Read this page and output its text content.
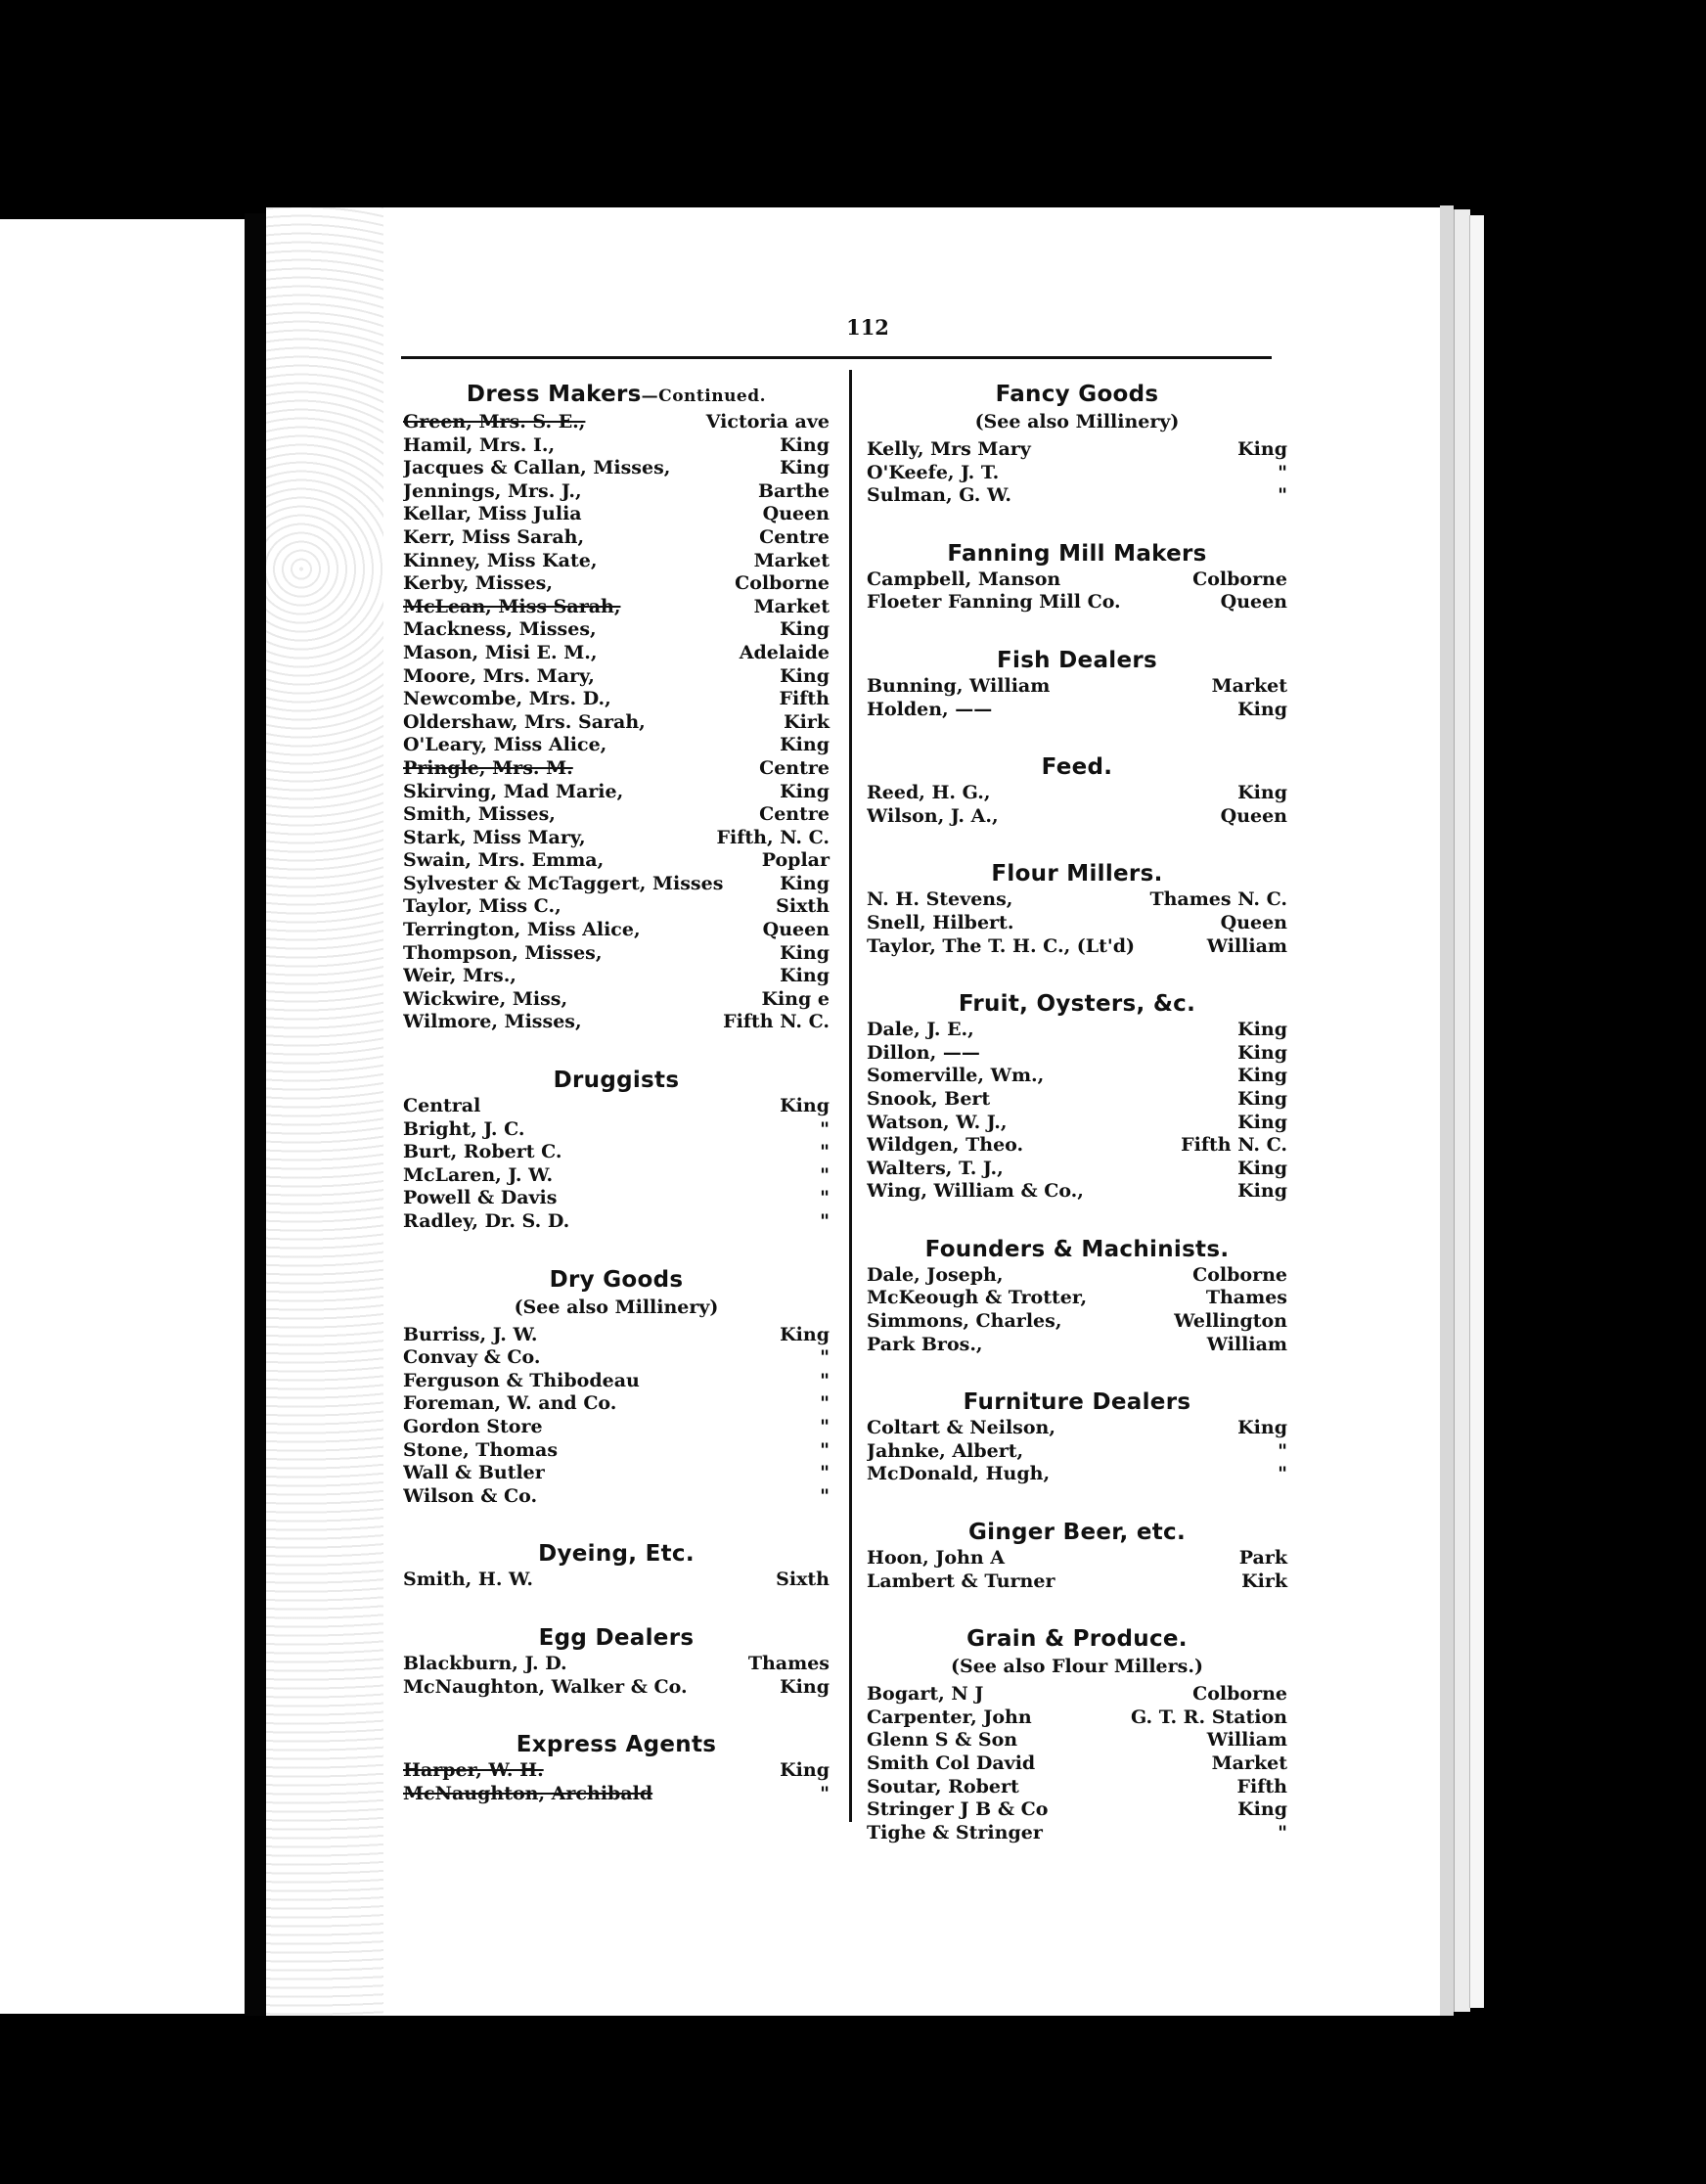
112
Dress Makers—Continued.
Green, Mrs. S. E.,	Victoria ave
Hamil, Mrs. I.,	King
Jacques & Callan, Misses,	King
Jennings, Mrs. J.,	Barthe
Kellar, Miss Julia	Queen
Kerr, Miss Sarah,	Centre
Kinney, Miss Kate,	Market
Kerby, Misses,	Colborne
McLean, Miss Sarah,	Market
Mackness, Misses,	King
Mason, Misi E. M.,	Adelaide
Moore, Mrs. Mary,	King
Newcombe, Mrs. D.,	Fifth
Oldershaw, Mrs. Sarah,	Kirk
O'Leary, Miss Alice,	King
Pringle, Mrs. M.	Centre
Skirving, Mad Marie,	King
Smith, Misses,	Centre
Stark, Miss Mary,	Fifth, N. C.
Swain, Mrs. Emma,	Poplar
Sylvester & McTaggert, Misses	King
Taylor, Miss C.,	Sixth
Terrington, Miss Alice,	Queen
Thompson, Misses,	King
Weir, Mrs.,	King
Wickwire, Miss,	King e
Wilmore, Misses,	Fifth N. C.
Druggists
Central	King
Bright, J. C.	"
Burt, Robert C.	"
McLaren, J. W.	"
Powell & Davis	"
Radley, Dr. S. D.	"
Dry Goods
(See also Millinery)
Burriss, J. W.	King
Convay & Co.	"
Ferguson & Thibodeau	"
Foreman, W. and Co.	"
Gordon Store	"
Stone, Thomas	"
Wall & Butler	"
Wilson & Co.	"
Dyeing, Etc.
Smith, H. W.	Sixth
Egg Dealers
Blackburn, J. D.	Thames
McNaughton, Walker & Co.	King
Express Agents
Harper, W. H.	King
McNaughton, Archibald	"
Fancy Goods
(See also Millinery)
Kelly, Mrs Mary	King
O'Keefe, J. T.	"
Sulman, G. W.	"
Fanning Mill Makers
Campbell, Manson	Colborne
Floeter Fanning Mill Co.	Queen
Fish Dealers
Bunning, William	Market
Holden, ——	King
Feed.
Reed, H. G.,	King
Wilson, J. A.,	Queen
Flour Millers.
N. H. Stevens,	Thames N. C.
Snell, Hilbert.	Queen
Taylor, The T. H. C., (Lt'd)	William
Fruit, Oysters, &c.
Dale, J. E.,	King
Dillon, ——	King
Somerville, Wm.,	King
Snook, Bert	King
Watson, W. J.,	King
Wildgen, Theo.	Fifth N. C.
Walters, T. J.,	King
Wing, William & Co.,	King
Founders & Machinists.
Dale, Joseph,	Colborne
McKeough & Trotter,	Thames
Simmons, Charles,	Wellington
Park Bros.,	William
Furniture Dealers
Coltart & Neilson,	King
Jahnke, Albert,	"
McDonald, Hugh,	"
Ginger Beer, etc.
Hoon, John A	Park
Lambert & Turner	Kirk
Grain & Produce.
(See also Flour Millers.)
Bogart, N J	Colborne
Carpenter, John	G. T. R. Station
Glenn S & Son	William
Smith Col David	Market
Soutar, Robert	Fifth
Stringer J B & Co	King
Tighe & Stringer	"
